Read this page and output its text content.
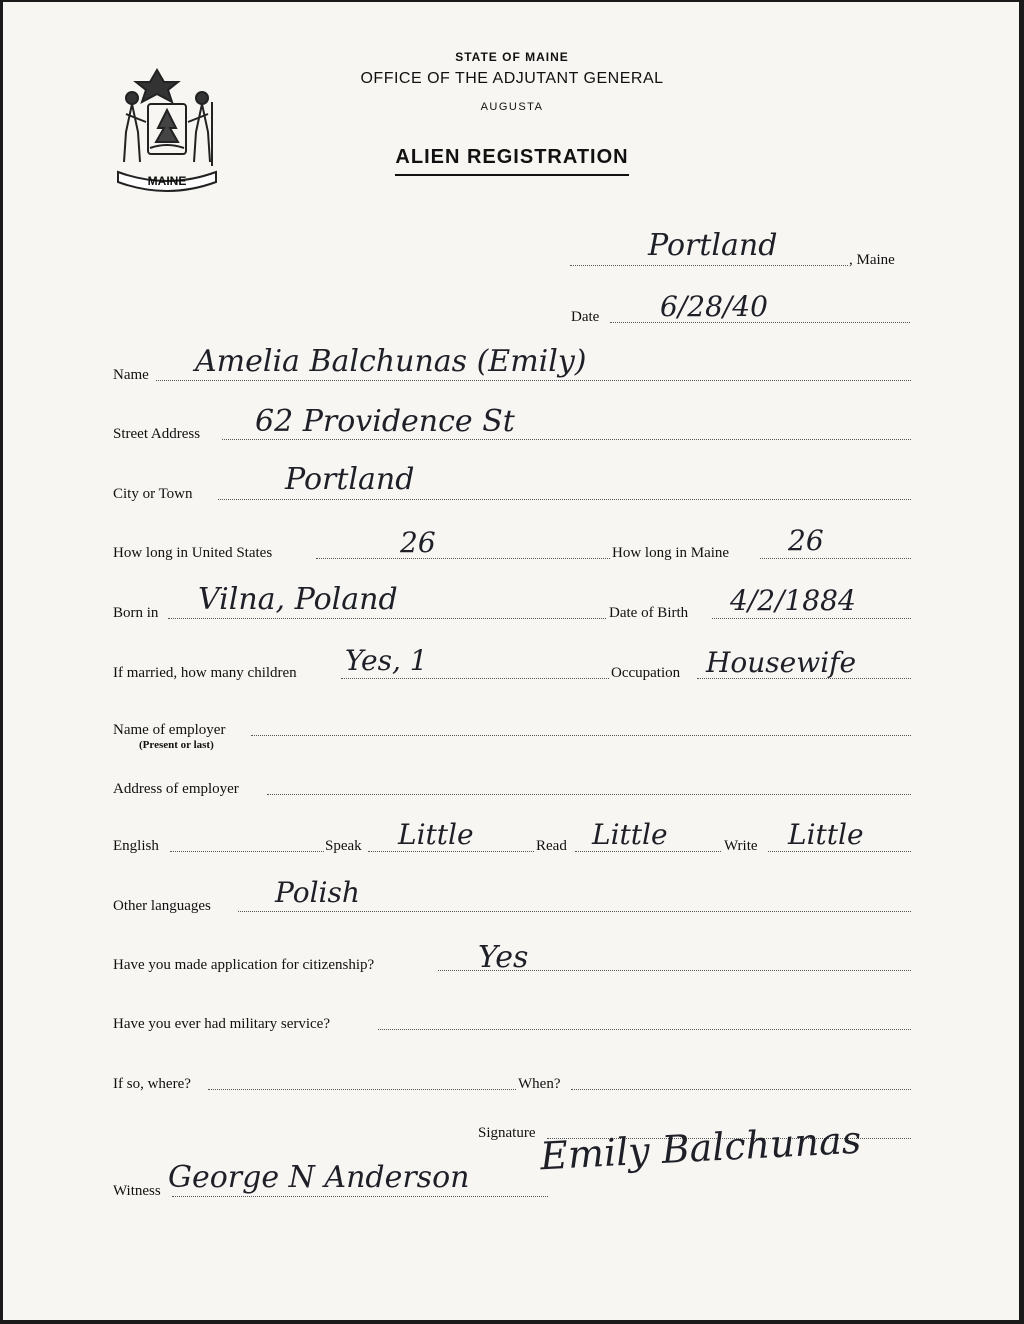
MAINE
STATE OF MAINE
OFFICE OF THE ADJUTANT GENERAL
AUGUSTA
ALIEN REGISTRATION
, Maine
Portland
Date 6/28/40
Name Amelia Balchunas (Emily)
Street Address 62 Providence St
City or Town	Portland
How long in United States	26	How long in Maine 26
Born in Vilna, Poland	Date of Birth 4/2/1884
If married, how many children Yes, 1	Occupation Housewife
Name of employer
(Present or last)
Address of employer
English	Speak Little	Read Little	Write Little
Other languages Polish
Have you made application for citizenship?	Yes
Have you ever had military service?
If so, where?	When?
Signature Emily Balchunas
Witness George N Anderson
